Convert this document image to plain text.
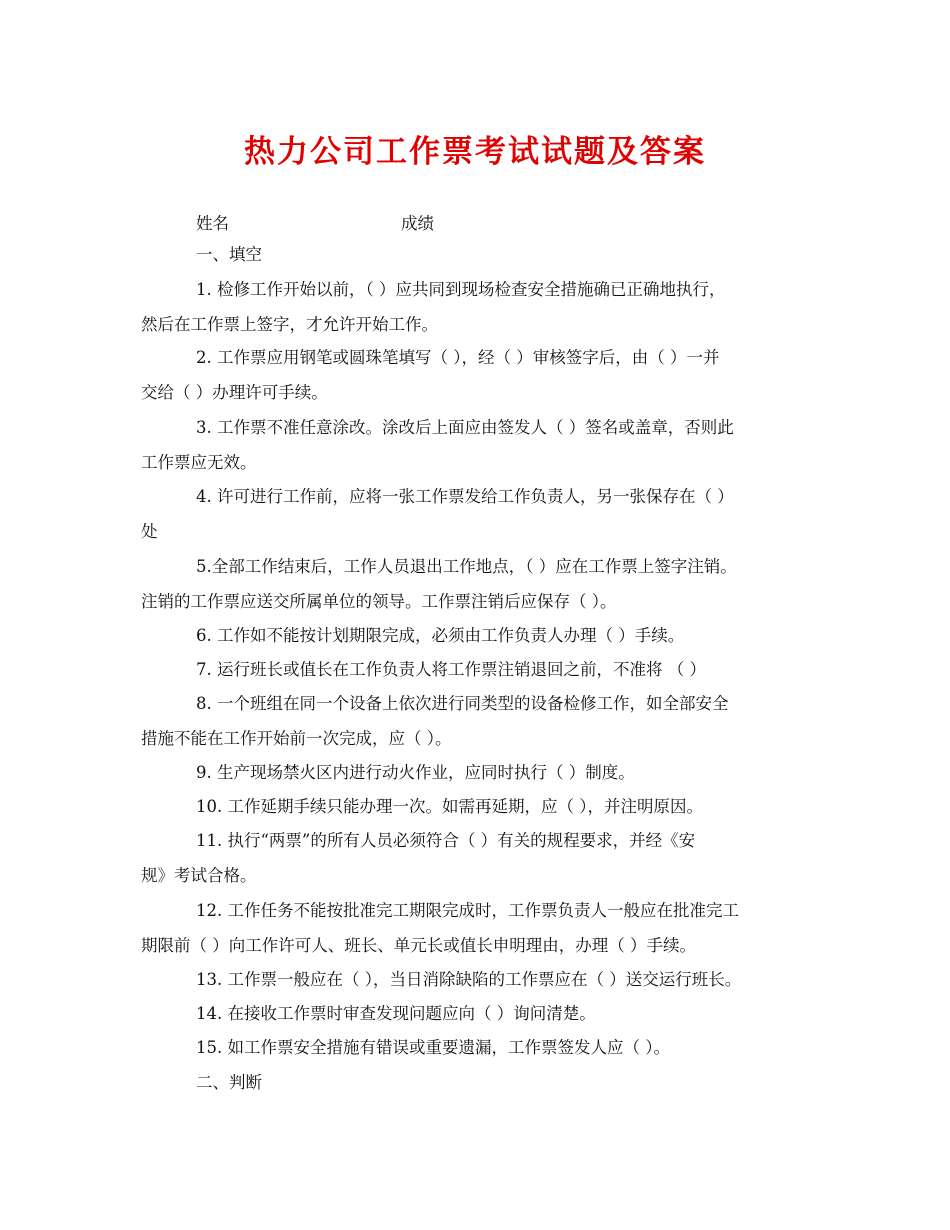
热力公司工作票考试试题及答案
姓名	成绩
一、填空
1. 检修工作开始以前，（ ）应共同到现场检查安全措施确已正确地执行，
然后在工作票上签字，才允许开始工作。
2. 工作票应用钢笔或圆珠笔填写（ ），经（ ）审核签字后，由（ ）一并
交给（ ）办理许可手续。
3. 工作票不准任意涂改。涂改后上面应由签发人（ ）签名或盖章，否则此
工作票应无效。
4. 许可进行工作前，应将一张工作票发给工作负责人，另一张保存在（ ）
处
5.全部工作结束后，工作人员退出工作地点，（ ）应在工作票上签字注销。
注销的工作票应送交所属单位的领导。工作票注销后应保存（ ）。
6. 工作如不能按计划期限完成，必须由工作负责人办理（ ）手续。
7. 运行班长或值长在工作负责人将工作票注销退回之前，不准将 （ ）
8. 一个班组在同一个设备上依次进行同类型的设备检修工作，如全部安全
措施不能在工作开始前一次完成，应（ ）。
9. 生产现场禁火区内进行动火作业，应同时执行（ ）制度。
10. 工作延期手续只能办理一次。如需再延期，应（ ），并注明原因。
11. 执行“两票”的所有人员必须符合（ ）有关的规程要求，并经《安
规》考试合格。
12. 工作任务不能按批准完工期限完成时，工作票负责人一般应在批准完工
期限前（ ）向工作许可人、班长、单元长或值长申明理由，办理（ ）手续。
13. 工作票一般应在（ ），当日消除缺陷的工作票应在（ ）送交运行班长。
14. 在接收工作票时审查发现问题应向（ ）询问清楚。
15. 如工作票安全措施有错误或重要遗漏，工作票签发人应（ ）。
二、判断
